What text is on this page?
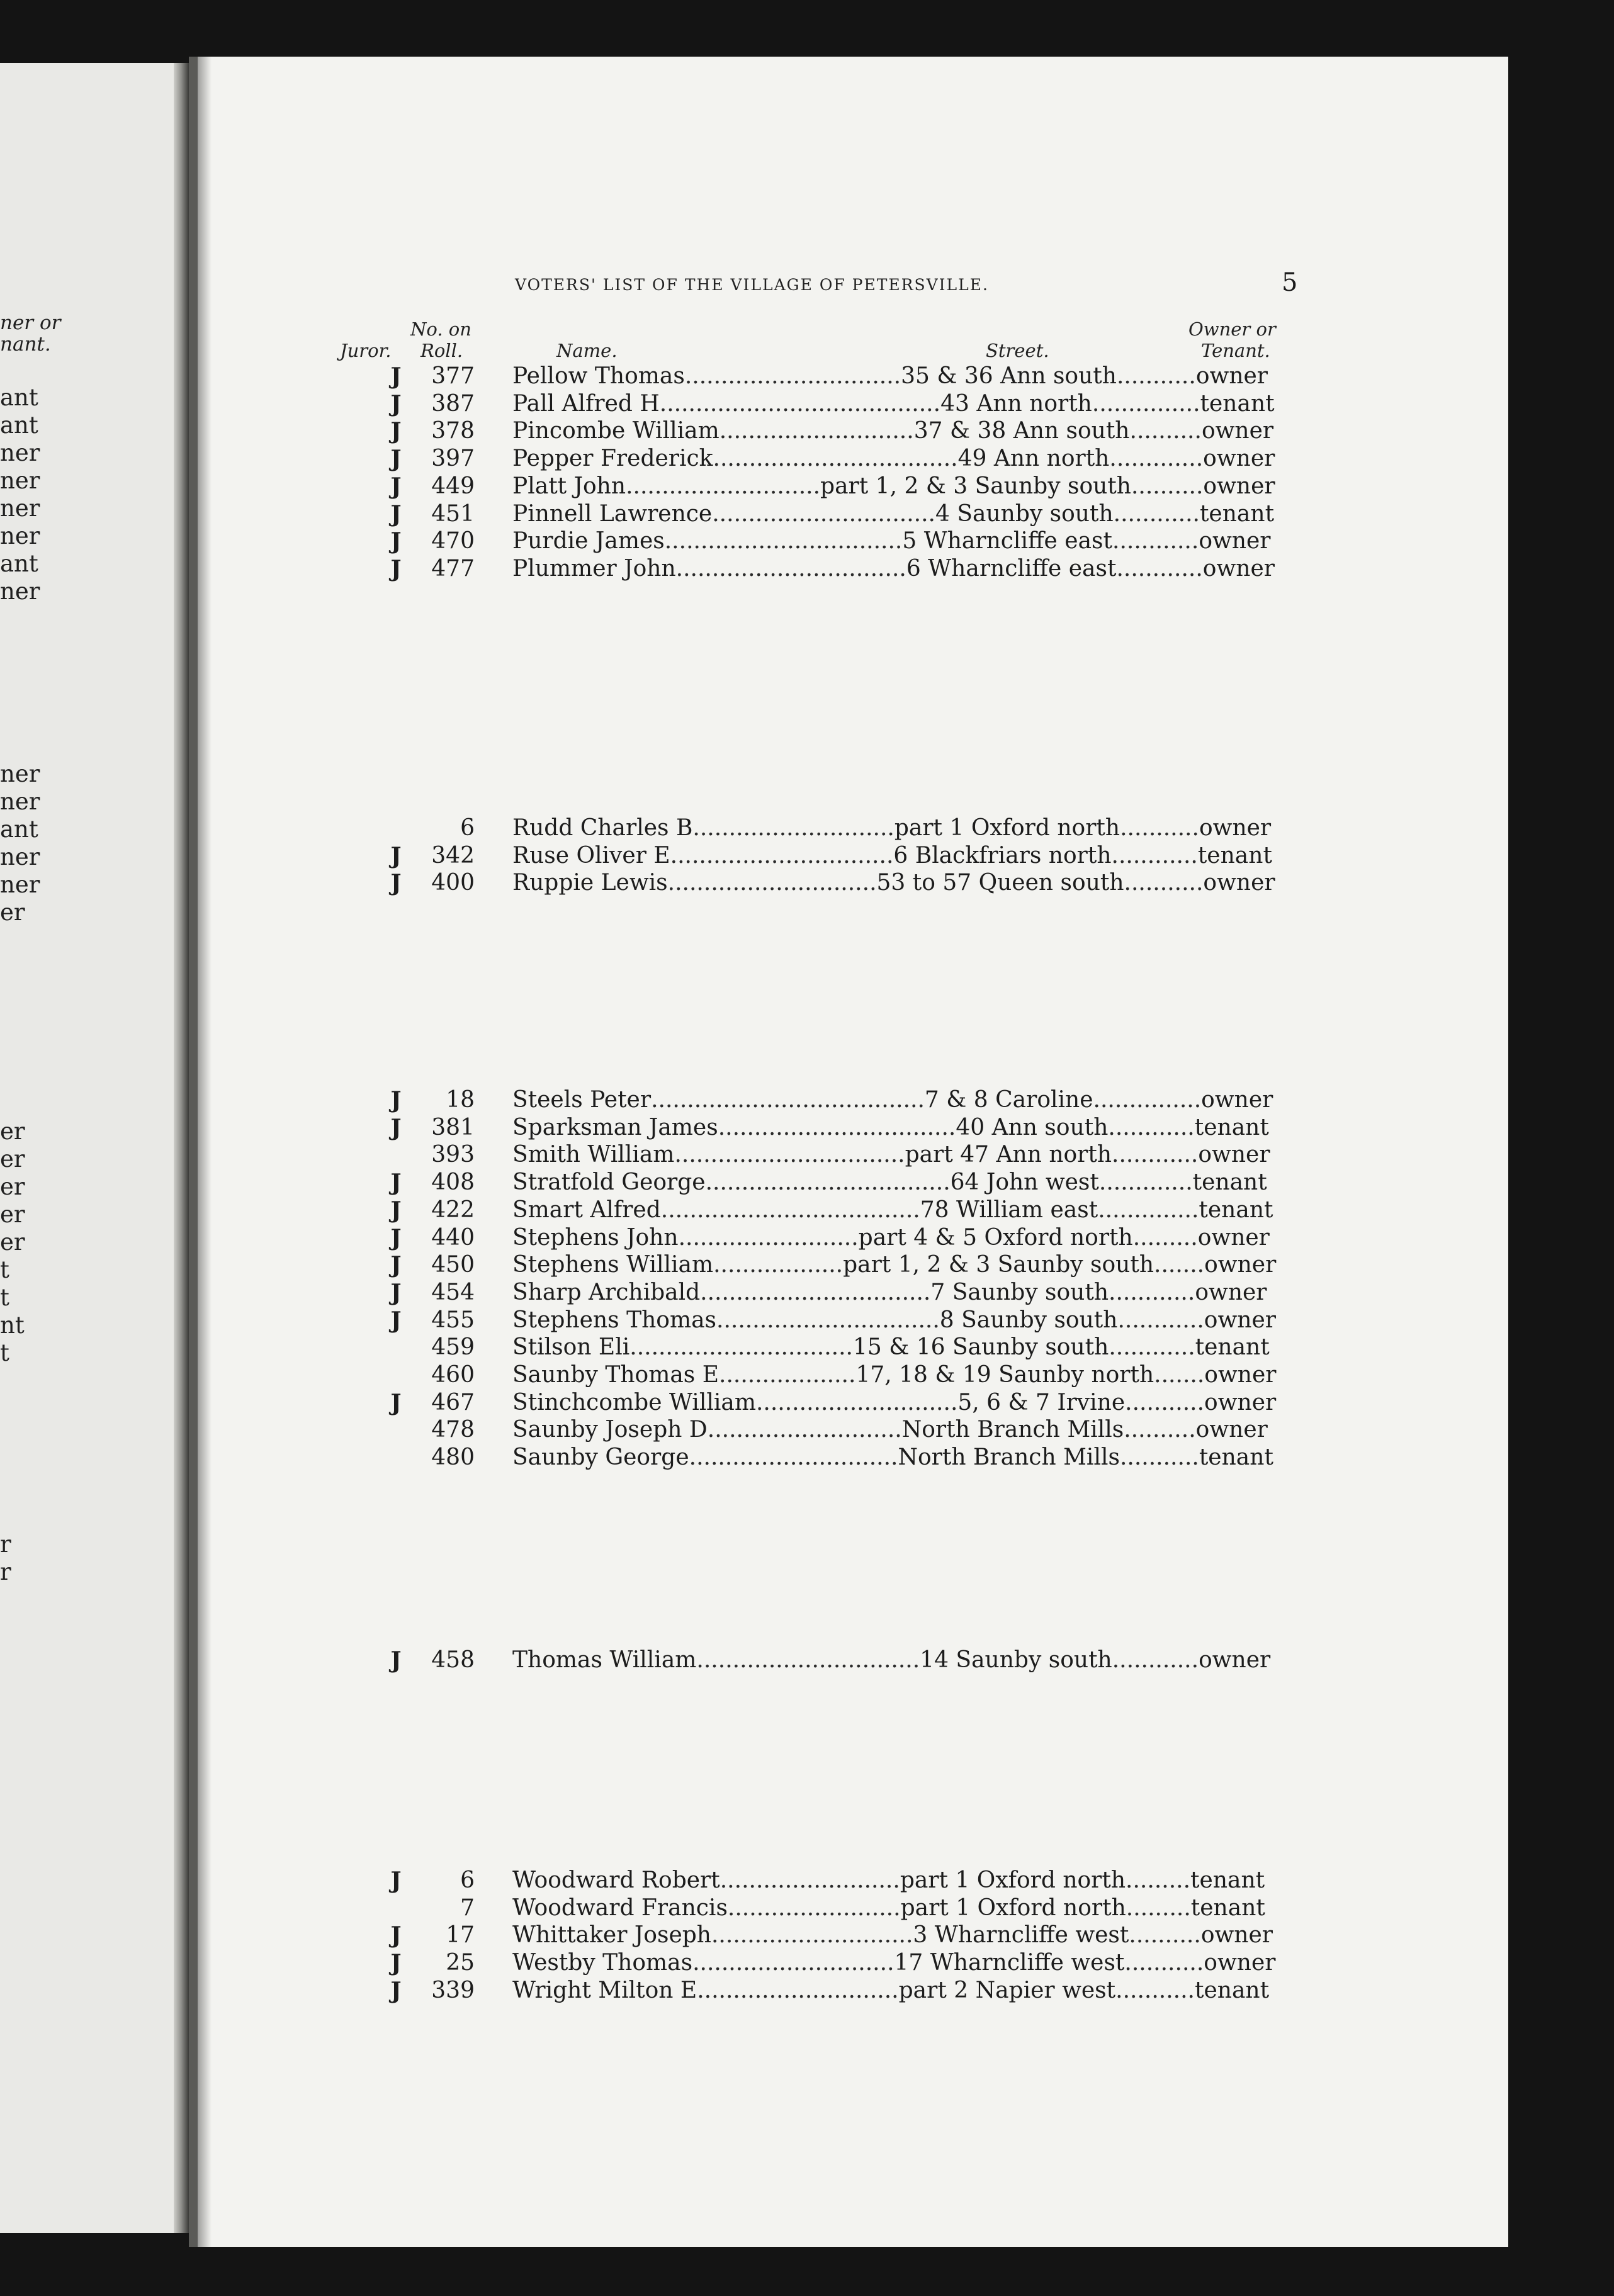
ner or
nant.
ant
ant
ner
ner
ner
ner
ant
ner
ner
ner
ant
ner
ner
er
er
er
er
er
er
t
t
nt
t
r
r
VOTERS' LIST OF THE VILLAGE OF PETERSVILLE.	5
No. on
Juror. Roll.	Name.	Street.
Owner or
Tenant.
J	377 Pellow Thomas..............................35 & 36 Ann south...........owner
J	387 Pall Alfred H.......................................43 Ann north...............tenant
J	378 Pincombe William...........................37 & 38 Ann south..........owner
J	397 Pepper Frederick..................................49 Ann north.............owner
J	449 Platt John...........................part 1, 2 & 3 Saunby south..........owner
J	451 Pinnell Lawrence...............................4 Saunby south............tenant
J	470 Purdie James.................................5 Wharncliffe east............owner
J	477 Plummer John................................6 Wharncliffe east............owner
6 Rudd Charles B............................part 1 Oxford north...........owner
J	342 Ruse Oliver E...............................6 Blackfriars north............tenant
J	400 Ruppie Lewis.............................53 to 57 Queen south...........owner
J	18 Steels Peter......................................7 & 8 Caroline...............owner
J	381 Sparksman James.................................40 Ann south............tenant
393 Smith William................................part 47 Ann north............owner
J	408 Stratfold George..................................64 John west.............tenant
J	422 Smart Alfred....................................78 William east..............tenant
J	440 Stephens John.........................part 4 & 5 Oxford north.........owner
J	450 Stephens William..................part 1, 2 & 3 Saunby south.......owner
J	454 Sharp Archibald................................7 Saunby south............owner
J	455 Stephens Thomas...............................8 Saunby south............owner
459 Stilson Eli...............................15 & 16 Saunby south............tenant
460 Saunby Thomas E...................17, 18 & 19 Saunby north.......owner
J	467 Stinchcombe William............................5, 6 & 7 Irvine...........owner
478 Saunby Joseph D...........................North Branch Mills..........owner
480 Saunby George.............................North Branch Mills...........tenant
J	458 Thomas William...............................14 Saunby south............owner
J	6 Woodward Robert.........................part 1 Oxford north.........tenant
7 Woodward Francis........................part 1 Oxford north.........tenant
J	17 Whittaker Joseph............................3 Wharncliffe west..........owner
J	25 Westby Thomas............................17 Wharncliffe west...........owner
J	339 Wright Milton E............................part 2 Napier west...........tenant
